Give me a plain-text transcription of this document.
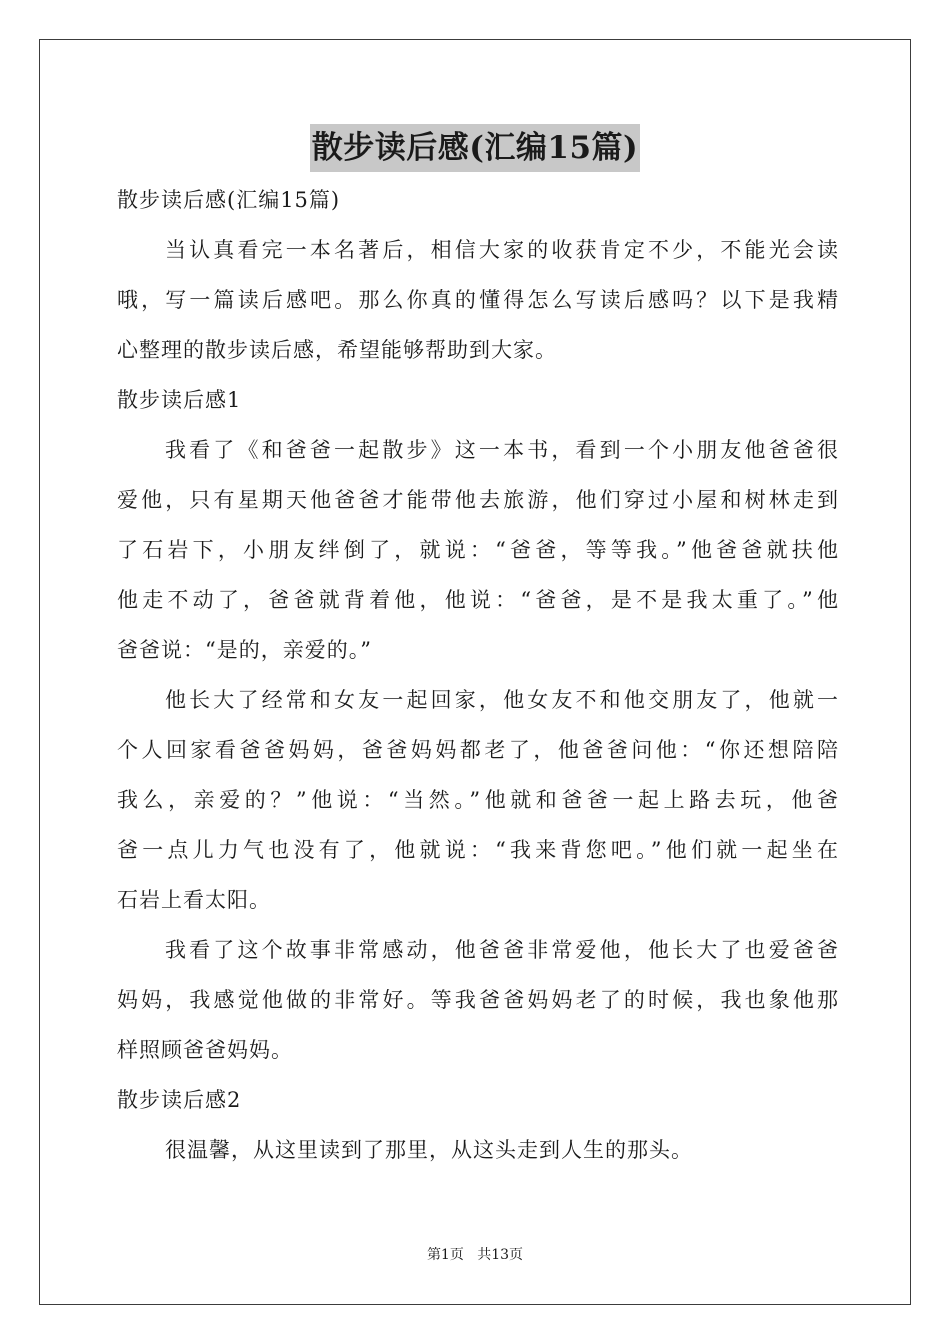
散步读后感(汇编15篇)
散步读后感(汇编15篇)
当认真看完一本名著后，相信大家的收获肯定不少，不能光会读
哦，写一篇读后感吧。那么你真的懂得怎么写读后感吗？以下是我精
心整理的散步读后感，希望能够帮助到大家。
散步读后感1
我看了《和爸爸一起散步》这一本书，看到一个小朋友他爸爸很
爱他，只有星期天他爸爸才能带他去旅游，他们穿过小屋和树林走到
了石岩下，小朋友绊倒了，就说：“爸爸，等等我。”他爸爸就扶他
他走不动了，爸爸就背着他，他说：“爸爸，是不是我太重了。”他
爸爸说：“是的，亲爱的。”
他长大了经常和女友一起回家，他女友不和他交朋友了，他就一
个人回家看爸爸妈妈，爸爸妈妈都老了，他爸爸问他：“你还想陪陪
我么，亲爱的？”他说：“当然。”他就和爸爸一起上路去玩，他爸
爸一点儿力气也没有了，他就说：“我来背您吧。”他们就一起坐在
石岩上看太阳。
我看了这个故事非常感动，他爸爸非常爱他，他长大了也爱爸爸
妈妈，我感觉他做的非常好。等我爸爸妈妈老了的时候，我也象他那
样照顾爸爸妈妈。
散步读后感2
很温馨，从这里读到了那里，从这头走到人生的那头。
第1页 共13页
